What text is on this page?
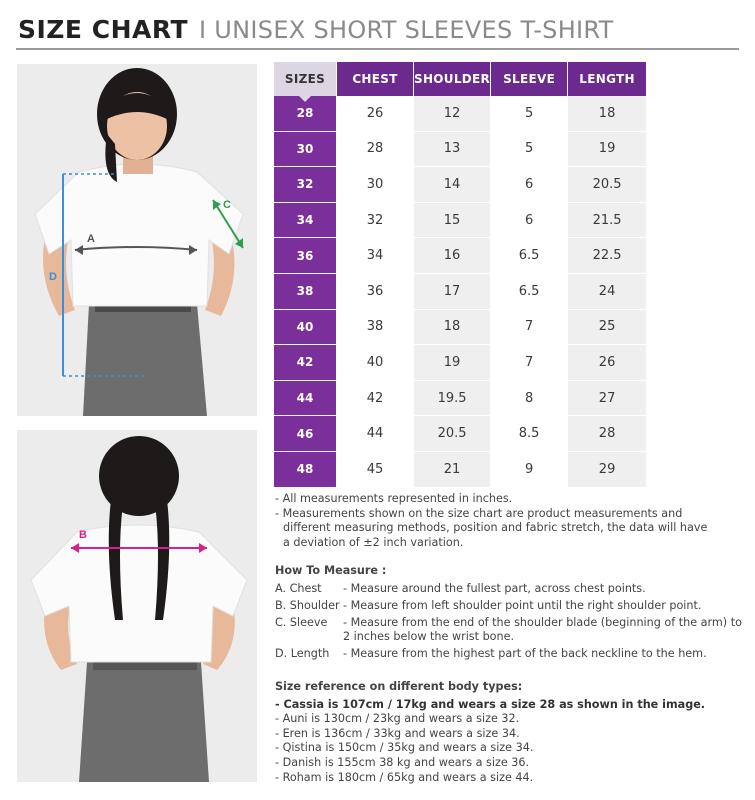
SIZE CHART I UNISEX SHORT SLEEVES T-SHIRT
D
A
C
B
SIZES	CHEST	SHOULDER	SLEEVE	LENGTH
28	26	12	5	18
30	28	13	5	19
32	30	14	6	20.5
34	32	15	6	21.5
36	34	16	6.5	22.5
38	36	17	6.5	24
40	38	18	7	25
42	40	19	7	26
44	42	19.5	8	27
46	44	20.5	8.5	28
48	45	21	9	29

- All measurements represented in inches.

- Measurements shown on the size chart are product measurements and

different measuring methods, position and fabric stretch, the data will have

a deviation of ±2 inch variation.

How To Measure :
A. Chest	- Measure around the fullest part, across chest points.
B. Shoulder - Measure from left shoulder point until the right shoulder point.
C. Sleeve	- Measure from the end of the shoulder blade (beginning of the arm) to 2 inches below the wrist bone.
D. Length	- Measure from the highest part of the back neckline to the hem.
Size reference on different body types:

- Cassia is 107cm / 17kg and wears a size 28 as shown in the image.

- Auni is 130cm / 23kg and wears a size 32.

- Eren is 136cm / 33kg and wears a size 34.

- Qistina is 150cm / 35kg and wears a size 34.

- Danish is 155cm 38 kg and wears a size 36.

- Roham is 180cm / 65kg and wears a size 44.
